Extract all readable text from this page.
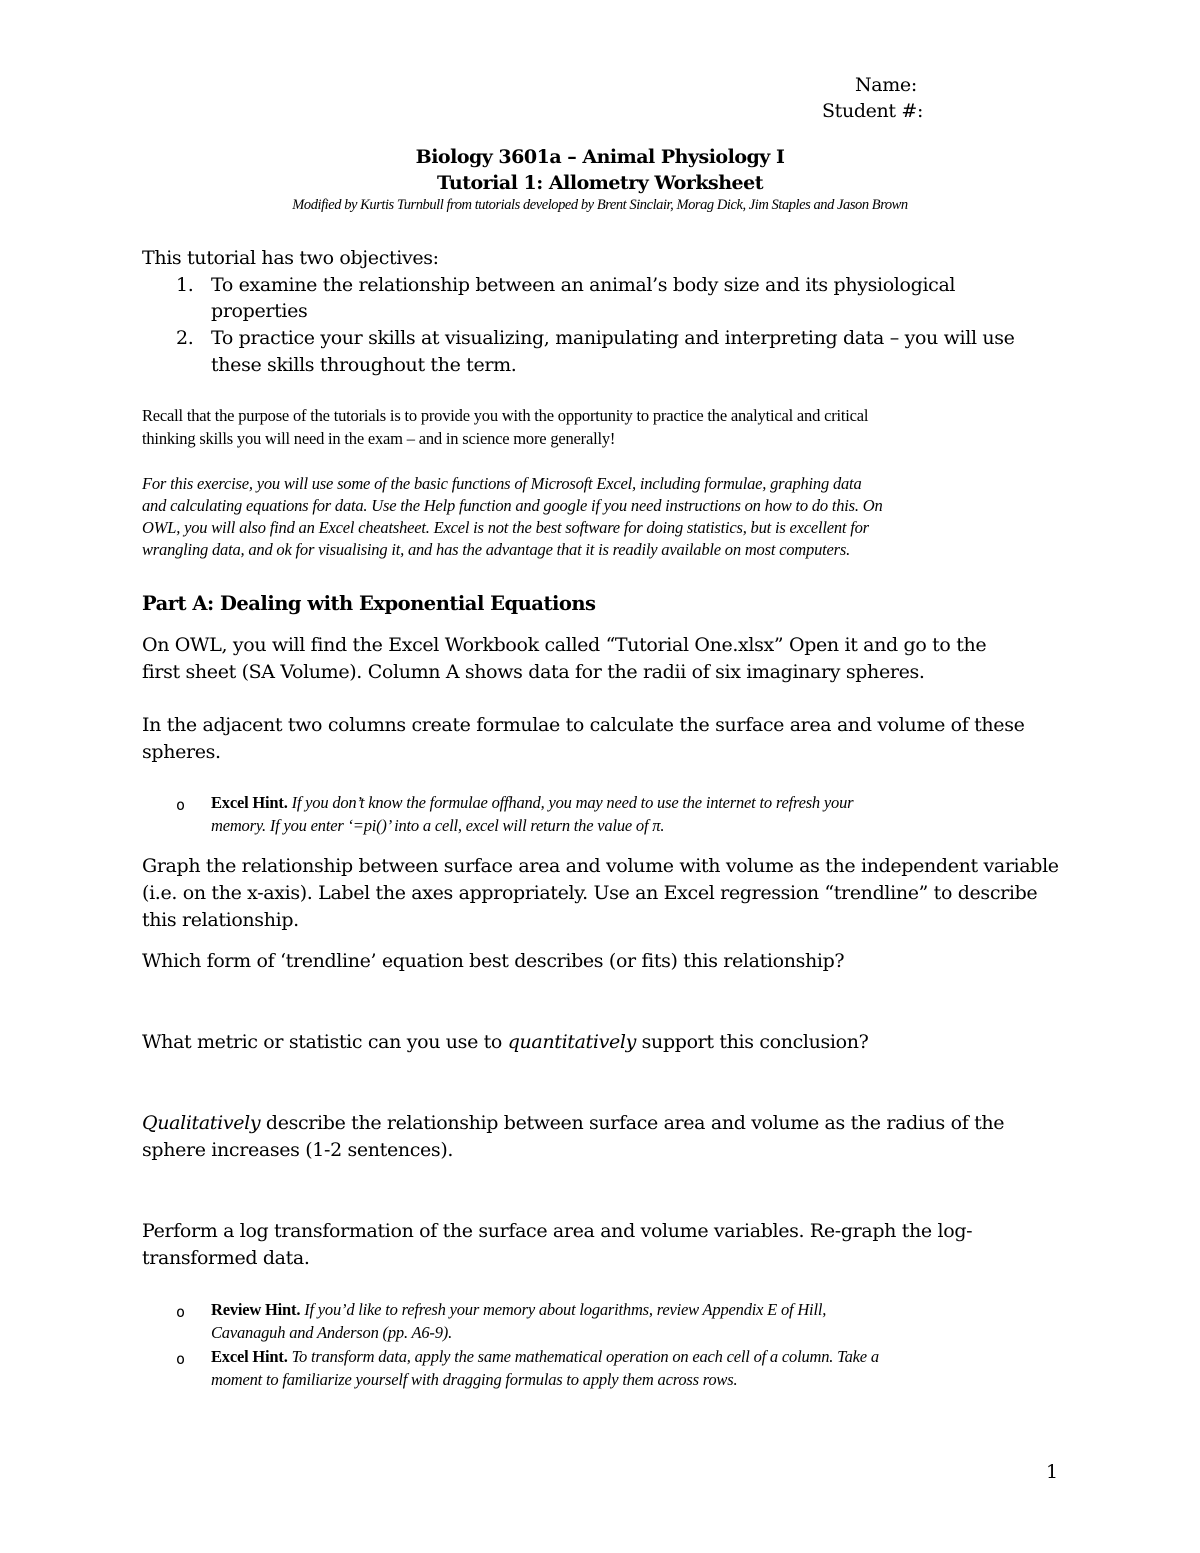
Name:
Student #:
Biology 3601a – Animal Physiology I
Tutorial 1: Allometry Worksheet
Modified by Kurtis Turnbull from tutorials developed by Brent Sinclair, Morag Dick, Jim Staples and Jason Brown
This tutorial has two objectives:
1. To examine the relationship between an animal’s body size and its physiological
properties
2. To practice your skills at visualizing, manipulating and interpreting data – you will use
these skills throughout the term.
Recall that the purpose of the tutorials is to provide you with the opportunity to practice the analytical and critical
thinking skills you will need in the exam – and in science more generally!
For this exercise, you will use some of the basic functions of Microsoft Excel, including formulae, graphing data
and calculating equations for data. Use the Help function and google if you need instructions on how to do this. On
OWL, you will also find an Excel cheatsheet. Excel is not the best software for doing statistics, but is excellent for
wrangling data, and ok for visualising it, and has the advantage that it is readily available on most computers.
Part A: Dealing with Exponential Equations
On OWL, you will find the Excel Workbook called “Tutorial One.xlsx” Open it and go to the
first sheet (SA Volume). Column A shows data for the radii of six imaginary spheres.
In the adjacent two columns create formulae to calculate the surface area and volume of these
spheres.
o Excel Hint. If you don’t know the formulae offhand, you may need to use the internet to refresh your
memory. If you enter ‘=pi()’ into a cell, excel will return the value of π.
Graph the relationship between surface area and volume with volume as the independent variable
(i.e. on the x-axis). Label the axes appropriately. Use an Excel regression “trendline” to describe
this relationship.
Which form of ‘trendline’ equation best describes (or fits) this relationship?
What metric or statistic can you use to quantitatively support this conclusion?
Qualitatively describe the relationship between surface area and volume as the radius of the
sphere increases (1-2 sentences).
Perform a log transformation of the surface area and volume variables. Re-graph the log-
transformed data.
o Review Hint. If you’d like to refresh your memory about logarithms, review Appendix E of Hill,
Cavanaguh and Anderson (pp. A6-9).
o Excel Hint. To transform data, apply the same mathematical operation on each cell of a column. Take a
moment to familiarize yourself with dragging formulas to apply them across rows.
1
